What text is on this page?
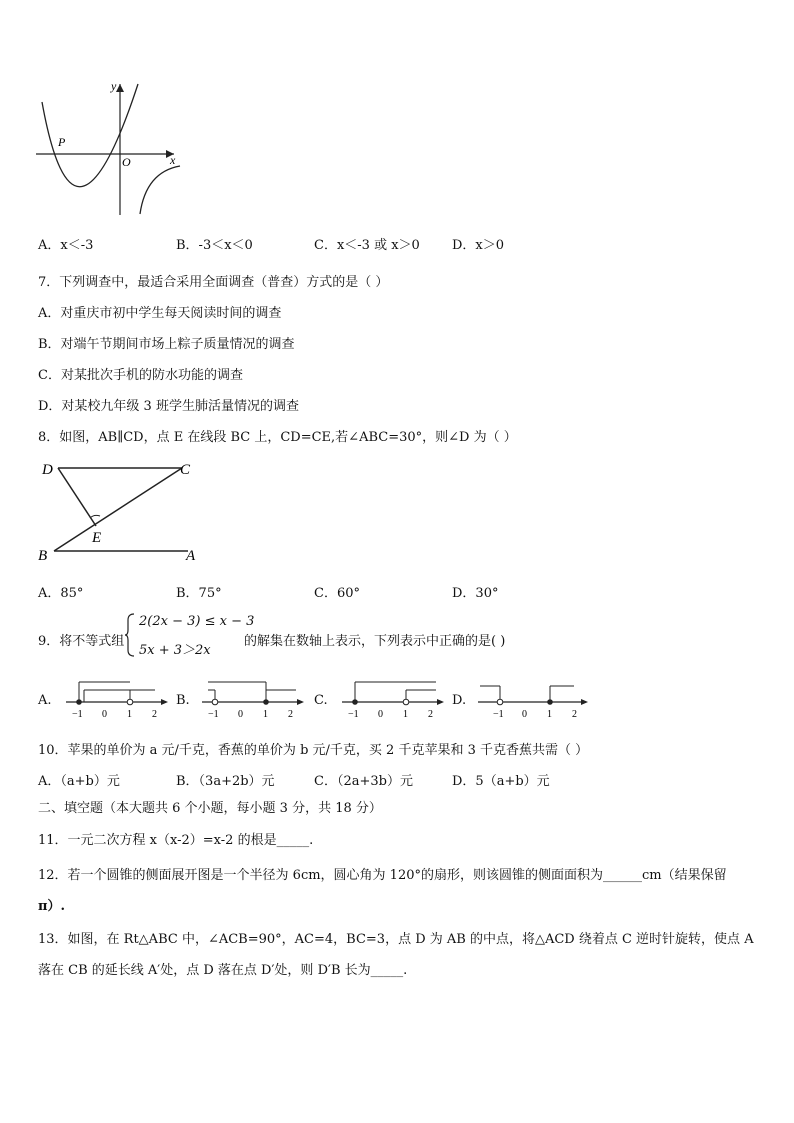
y
x
O
P
A．x＜-3	B．-3＜x＜0	C．x＜-3 或 x＞0 D．x＞0
7．下列调查中，最适合采用全面调查（普查）方式的是（ ）
A．对重庆市初中学生每天阅读时间的调查
B．对端午节期间市场上粽子质量情况的调查
C．对某批次手机的防水功能的调查
D．对某校九年级 3 班学生肺活量情况的调查
8．如图，AB∥CD，点 E 在线段 BC 上，CD=CE,若∠ABC=30°，则∠D 为（ ）
D	C
E
B	A
A．85°	B．75°	C．60°	D．30°
9．将不等式组
2(2x − 3) ≤ x − 3
5x + 3＞2x
的解集在数轴上表示，下列表示中正确的是( )
A.
−1 0 1 2
B.
−1 0 1 2
C.
−1 0 1 2
D.
−1 0 1 2
10．苹果的单价为 a 元/千克，香蕉的单价为 b 元/千克，买 2 千克苹果和 3 千克香蕉共需（ ）
A．（a+b）元	B．（3a+2b）元	C．（2a+3b）元	D．5（a+b）元
二、填空题（本大题共 6 个小题，每小题 3 分，共 18 分）
11．一元二次方程 x（x-2）=x-2 的根是_____.
12．若一个圆锥的侧面展开图是一个半径为 6cm，圆心角为 120°的扇形，则该圆锥的侧面面积为______cm（结果保留
π）.
13．如图，在 Rt△ABC 中，∠ACB=90°，AC=4，BC=3，点 D 为 AB 的中点，将△ACD 绕着点 C 逆时针旋转，使点 A
落在 CB 的延长线 A′处，点 D 落在点 D′处，则 D′B 长为_____.
